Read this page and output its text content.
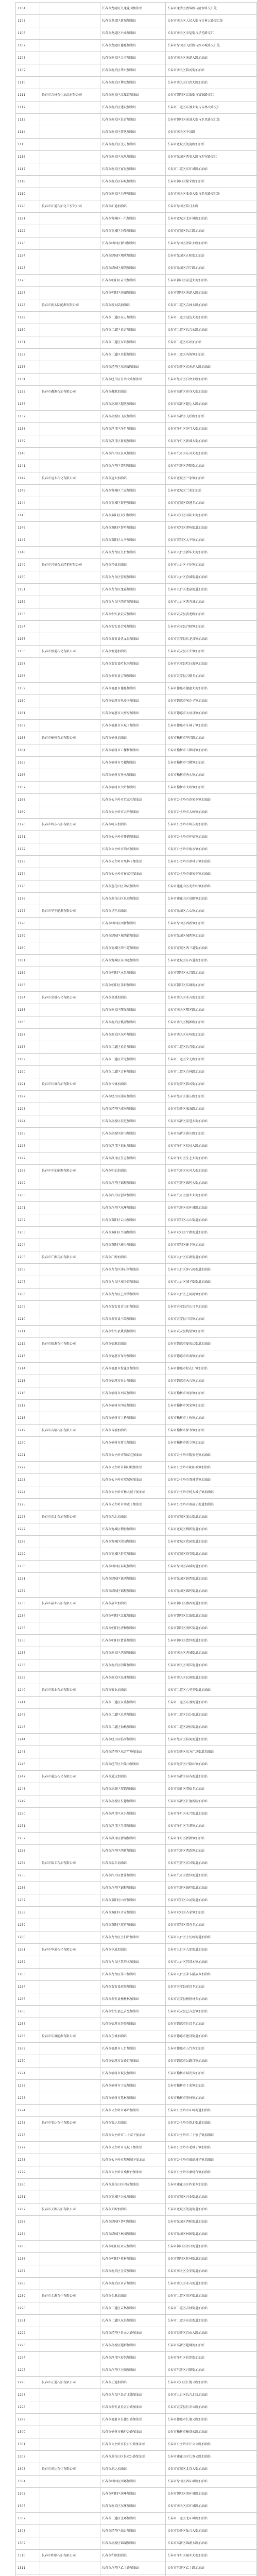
1104		长春市龙湾区九龙花园加油站	长春市龙湾区富锦路与清水路交汇处
1105		长春市龙湾区新城加油站	长春市南关区人民大街与吉林大路交汇处
1106		长春市龙湾区兴业加油站	长春市南关区幸福街与华光路交汇
1107		长春市龙湾区德惠加油站	长春市绿园区飞跃路与西环城路交汇处
1108		长春市南关区金丰加油站	长春市南关区南湖大路加油站
1109		长春市南关区华兴加油站	长春市南关区临河街加油站
1110		长春市南关区博远加油站	长春市南关区自由大路加油站
1111	长春市吉林石化油品有限公司	长春市南关区红旗街加油站	长春市朝阳区红旗街与富锦路交汇
1112		长春市南关区建设加油站	长春市二道区东盛大街与吉林大路交汇
1113		长春市南关区长青加油站	长春市朝阳区前进大街与卫星路交汇处
1114		长春市南关区宏达加油站	长春市南关区平泉路
1115		长春市南关区北方加油站	长春市宽城区凯旋路加油站
1116		长春市南关区东风加油站	长春市绿园区西安大路与迎宾路交汇
1117		长春市南关区富民加油站	长春市二道区东环城路加油站
1118		长春市南关区春城加油站	长春市朝阳区繁荣路加油站
1119		长春市南关区兴华加油站	长春市南关区亚泰大街与卫光路交汇处
1120	长春市汇通石油化工有限公司	长春市汇通加油站	长春市绿园区皓月大路
1121		长春市宽城区一汽加油站	长春市宽城区北环城路加油站
1122		长春市宽城区兴隆加油站	长春市宽城区长江路加油站
1123		长春市绿园区新园加油站	长春市绿园区景阳大路加油站
1124		长春市绿园区翔达加油站	长春市绿园区正阳街加油站
1125		长春市绿园区城西加油站	长春市绿园区青年路加油站
1126		长春市朝阳区吉大加油站	长春市朝阳区前进大街加油站
1127		长春市朝阳区南湖加油站	长春市朝阳区南湖大路加油站
1128	长春市新大陆能源有限公司	长春市新大陆加油站	长春市二道区吉林大路加油站
1129		长春市二道区东方加油站	长春市二道区远达大街加油站
1130		长春市二道区长吉加油站	长春市二道区长吉公路加油站
1131		长春市二道区东站加油站	长春市二道区东站加油站
1132		长春市二道区英俊加油站	长春市二道区英俊镇加油站
1133		长春市经开区东南湖加油站	长春市经开区东南湖大路加油站
1134		长春市经开区自由大路加油站	长春市经开区自由大路加油站
1135	长春市鑫源石油有限公司	长春市鑫源加油站	长春市高新区硅谷大街加油站
1136		长春市高新区超达加油站	长春市高新区超达大路加油站
1137		长春市高新区飞跃加油站	长春市高新区飞跃路加油站
1138		长春市净月区净月加油站	长春市净月区净月大街加油站
1139		长春市净月区新城加油站	长春市净月区新城大街加油站
1140		长春市汽开区东风加油站	长春市汽开区东风大街加油站
1141		长春市汽开区普阳加油站	长春市汽开区普阳街加油站
1142	长春市远大石化有限公司	长春市远大加油站	长春市宽城区兰家镇加油站
1143		长春市宽城区兰家加油站	长春市宽城区兰家加油站
1144		长春市宽城区奋进加油站	长春市宽城区奋进乡加油站
1145		长春市双阳区双阳加油站	长春市双阳区双阳大街加油站
1146		长春市双阳区奢岭加油站	长春市双阳区奢岭街道加油站
1147		长春市双阳区太平加油站	长春市双阳区太平镇加油站
1148		长春市九台区九台加油站	长春市九台区新华大街加油站
1149	长春市兴盛石油经销有限公司	长春市兴盛加油站	长春市九台区卡伦镇加油站
1150		长春市九台区营城加油站	长春市九台区营城街道加油站
1151		长春市九台区龙嘉加油站	长春市九台区龙嘉街道加油站
1152		长春市九台区西营城加油站	长春市九台区西营城加油站
1153		长春市农安县农安加油站	长春市农安县黄龙路加油站
1154		长春市农安县合隆加油站	长春市农安县合隆镇加油站
1155		长春市农安县伏龙泉加油站	长春市农安县伏龙泉镇加油站
1156	长春市恒通石化有限公司	长春市恒通加油站	长春市农安县开安镇加油站
1157		长春市农安县哈拉海加油站	长春市农安县哈拉海镇加油站
1158		长春市农安县万顺加油站	长春市农安县万顺乡加油站
1159		长春市德惠市德惠加油站	长春市德惠市德惠大街加油站
1160		长春市德惠市米沙子加油站	长春市德惠市米沙子镇加油站
1161		长春市德惠市大房身加油站	长春市德惠市大房身镇加油站
1162		长春市德惠市朱城子加油站	长春市德惠市朱城子镇加油站
1163	长春市榆树石油有限公司	长春市榆树加油站	长春市榆树市华昌路加油站
1164		长春市榆树市五棵树加油站	长春市榆树市五棵树镇加油站
1165		长春市榆树市弓棚加油站	长春市榆树市弓棚镇加油站
1166		长春市榆树市秀水加油站	长春市榆树市秀水镇加油站
1167		长春市榆树市大岭加油站	长春市榆树市大岭镇加油站
1168		长春市公主岭市范家屯加油站	长春市公主岭市范家屯镇加油站
1169		长春市公主岭市大岭加油站	长春市公主岭市大岭镇加油站
1170	长春市岭东石油有限公司	长春市岭东加油站	长春市公主岭市岭东街加油站
1171		长春市公主岭市怀德加油站	长春市公主岭市怀德镇加油站
1172		长春市公主岭市响水加油站	长春市公主岭市响水镇加油站
1173		长春市公主岭市黑林子加油站	长春市公主岭市黑林子镇加油站
1174		长春市公主岭市秦家屯加油站	长春市公主岭市秦家屯镇加油站
1175		长春市莲花山区劝农加油站	长春市莲花山区劝农山镇加油站
1176		长春市莲花山区泉眼加油站	长春市莲花山区泉眼镇加油站
1177	长春市华宇能源有限公司	长春市华宇加油站	长春市绿园区合心镇加油站
1178		长春市绿园区西新加油站	长春市绿园区西新镇加油站
1179		长春市绿园区城西镇加油站	长春市绿园区城西镇加油站
1180		长春市宽城区西三道加油站	长春市宽城区西三道街加油站
1181		长春市宽城区东四道加油站	长春市宽城区东四道街加油站
1182		长春市朝阳区永昌加油站	长春市朝阳区永昌路加油站
1183		长春市朝阳区乐群加油站	长春市朝阳区乐群街加油站
1184	长春市金盛石化有限公司	长春市金盛加油站	长春市南关区永吉街加油站
1185		长春市南关区曙光加油站	长春市南关区曙光路加油站
1186		长春市南关区桃源加油站	长春市南关区桃源路加油站
1187		长春市南关区东岭加油站	长春市南关区东岭街加油站
1188		长春市二道区长青加油站	长春市二道区长青街加油站
1189		长春市二道区荣光加油站	长春市二道区荣光路加油站
1190		长春市二道区吉林加油站	长春市二道区吉林路加油站
1191	长春市长盛石油有限公司	长春市长盛加油站	长春市经开区临河街加油站
1192		长春市经开区浦东加油站	长春市经开区浦东路加油站
1193		长春市经开区威海加油站	长春市经开区威海路加油站
1194		长春市高新区前进加油站	长春市高新区前进大街加油站
1195		长春市高新区蔚山加油站	长春市高新区蔚山路加油站
1196		长春市净月区福祉加油站	长春市净月区福祉大路加油站
1197		长春市净月区生态加油站	长春市净月区生态大街加油站
1198	长春市中油能源有限公司	长春市中油加油站	长春市汽开区东风大街加油站
1199		长春市汽开区锦程加油站	长春市汽开区锦程大街加油站
1200		长春市汽开区创业加油站	长春市汽开区创业大街加油站
1201		长春市汽开区东环加油站	长春市汽开区东环城路加油站
1202		长春市双阳区云山加油站	长春市双阳区云山街道加油站
1203		长春市双阳区平湖加油站	长春市双阳区平湖街道加油站
1204		长春市双阳区鹿乡加油站	长春市双阳区鹿乡镇加油站
1205	长春市广源石油有限公司	长春市广源加油站	长春市九台区东湖街道加油站
1206		长春市九台区沐石河加油站	长春市九台区沐石河街道加油站
1207		长春市九台区城子街加油站	长春市九台区城子街街道加油站
1208		长春市九台区上河湾加油站	长春市九台区上河湾镇加油站
1209		长春市农安县青山口加油站	长春市农安县青山口乡加油站
1210		长春市农安县三岗加油站	长春市农安县三岗镇加油站
1211		长春市农安县烧锅加油站	长春市农安县烧锅镇加油站
1212	长春市德源石化有限公司	长春市德源加油站	长春市德惠市夏家店街道加油站
1213		长春市德惠市布海加油站	长春市德惠市布海镇加油站
1214		长春市德惠市松花江加油站	长春市德惠市松花江镇加油站
1215		长春市德惠市天台加油站	长春市德惠市天台镇加油站
1216		长春市榆树市刘家加油站	长春市榆树市刘家镇加油站
1217		长春市榆树市闵家加油站	长春市榆树市闵家镇加油站
1218		长春市榆树市土桥加油站	长春市榆树市土桥镇加油站
1219	长春市吉榆石油有限公司	长春市吉榆加油站	长春市榆树市保寿镇加油站
1220		长春市榆树市新立加油站	长春市榆树市新立镇加油站
1221		长春市公主岭市陶家屯加油站	长春市公主岭市陶家屯镇加油站
1222		长春市公主岭市朝阳坡加油站	长春市公主岭市朝阳坡镇加油站
1223		长春市公主岭市双城堡加油站	长春市公主岭市双城堡镇加油站
1224		长春市公主岭市杨大城子加油站	长春市公主岭市杨大城子镇加油站
1225		长春市公主岭市南崴子加油站	长春市公主岭市南崴子街道加油站
1226	长春市东北石油有限公司	长春市东北加油站	长春市宽城区团山街道加油站
1227		长春市宽城区柳影加油站	长春市宽城区柳影街道加油站
1228		长春市宽城区欣园加油站	长春市宽城区欣园街道加油站
1229		长春市宽城区群英加油站	长春市宽城区群英街道加油站
1230		长春市绿园区春城加油站	长春市绿园区春城街道加油站
1231		长春市绿园区铁西加油站	长春市绿园区铁西街道加油站
1232		长春市绿园区锦程加油站	长春市绿园区锦程街道加油站
1233	长春市嘉业石油有限公司	长春市嘉业加油站	长春市朝阳区湖西街道加油站
1234		长春市朝阳区红旗加油站	长春市朝阳区红旗街道加油站
1235		长春市朝阳区清和加油站	长春市朝阳区清和街道加油站
1236		长春市朝阳区富锋加油站	长春市朝阳区富锋街道加油站
1237		长春市南关区鸿城加油站	长春市南关区鸿城街道加油站
1238		长春市南关区明珠加油站	长春市南关区明珠街道加油站
1239		长春市南关区民康加油站	长春市南关区民康街道加油站
1240	长春市宏业石油有限公司	长春市宏业加油站	长春市二道区八里堡街道加油站
1241		长春市二道区东盛加油站	长春市二道区东盛街道加油站
1242		长春市二道区远达加油站	长春市二道区远达街道加油站
1243		长春市二道区劲松加油站	长春市二道区劲松街道加油站
1244		长春市经开区临河加油站	长春市经开区临河街道加油站
1245		长春市经开区东方广场加油站	长春市经开区东方广场街道加油站
1246		长春市经开区兴隆山加油站	长春市经开区兴隆山镇加油站
1247	长春市通达石化有限公司	长春市通达加油站	长春市高新区硅谷街道加油站
1248		长春市高新区双德加油站	长春市高新区双德乡加油站
1249		长春市高新区长德加油站	长春市高新区长德新区加油站
1250		长春市净月区永兴加油站	长春市净月区永兴街道加油站
1251		长春市净月区玉潭加油站	长春市净月区玉潭镇加油站
1252		长春市净月区新湖加油站	长春市净月区新湖镇加油站
1253		长春市汽开区西新加油站	长春市汽开区西新镇加油站
1254	长春市瑞丰石油有限公司	长春市瑞丰加油站	长春市汽开区东风街道加油站
1255		长春市汽开区富锋加油站	长春市汽开区富锋街道加油站
1256		长春市汽开区锦程加油站	长春市汽开区锦程街道加油站
1257		长春市双阳区山河加油站	长春市双阳区山河街道加油站
1258		长春市双阳区齐家加油站	长春市双阳区齐家镇加油站
1259		长春市双阳区双营加油站	长春市双阳区双营乡加油站
1260		长春市九台区土们岭加油站	长春市九台区土们岭街道加油站
1261	长春市华通石化有限公司	长春市华通加油站	长春市九台区九郊街道加油站
1262		长春市九台区其塔木加油站	长春市九台区其塔木镇加油站
1263		长春市九台区莽卡加油站	长春市九台区莽卡满族乡加油站
1264		长春市农安县前岗加油站	长春市农安县前岗乡加油站
1265		长春市农安县杨树林加油站	长春市农安县杨树林乡加油站
1266		长春市农安县巴吉垒加油站	长春市农安县巴吉垒镇加油站
1267		长春市德惠市边岗加油站	长春市德惠市边岗乡加油站
1268	长春市东盛能源有限公司	长春市东盛加油站	长春市德惠市建设街道加油站
1269		长春市德惠市五台加油站	长春市德惠市五台乡加油站
1270		长春市德惠市岔路口加油站	长春市德惠市岔路口镇加油站
1271		长春市榆树市城发加油站	长春市榆树市城发乡加油站
1272		长春市榆树市于家加油站	长春市榆树市于家镇加油站
1273		长春市榆树市黑林加油站	长春市榆树市黑林镇加油站
1274		长春市公主岭市环岭加油站	长春市公主岭市环岭街道加油站
1275	长春市安达石化有限公司	长春市安达加油站	长春市公主岭市铁北街道加油站
1276		长春市公主岭市二十家子加油站	长春市公主岭市二十家子镇加油站
1277		长春市公主岭市毛城子加油站	长春市公主岭市毛城子镇加油站
1278		长春市公主岭市玻璃城子加油站	长春市公主岭市玻璃城子镇加油站
1279		长春市公主岭市桑树台加油站	长春市公主岭市桑树台镇加油站
1280		长春市莲花山区四家加油站	长春市莲花山区四家乡加油站
1281		长春市宽城区兴业加油站	长春市宽城区兴业街道加油站
1282	长春市天源石油有限公司	长春市天源加油站	长春市宽城区凯旋街道加油站
1283		长春市绿园区普阳加油站	长春市绿园区普阳街道加油站
1284		长春市绿园区林园加油站	长春市绿园区林园街道加油站
1285		长春市朝阳区永安加油站	长春市朝阳区永昌街道加油站
1286		长春市朝阳区桂林加油站	长春市朝阳区桂林街道加油站
1287		长春市南关区全安加油站	长春市南关区全安街道加油站
1288		长春市南关区永吉加油站	长春市南关区永吉街道加油站
1289	长春市金源石化有限公司	长春市金源加油站	长春市二道区荣光街道加油站
1290		长春市二道区吉林加油站	长春市二道区吉林街道加油站
1291		长春市二道区东站加油站	长春市二道区东站街道加油站
1292		长春市经开区自由大路加油站	长春市经开区自由大路加油站
1293		长春市高新区超群加油站	长春市高新区超群街加油站
1294		长春市净月区彩织加油站	长春市净月区彩织街加油站
1295		长春市汽开区兴顺加油站	长春市汽开区兴顺街加油站
1296	长春市正通石油有限公司	长春市正通加油站	长春市双阳区长清公路加油站
1297		长春市九台区长吉北线加油站	长春市九台区长吉北线加油站
1298		长春市农安县长农公路加油站	长春市农安县长农公路加油站
1299		长春市德惠市长德公路加油站	长春市德惠市长德公路加油站
1300		长春市榆树市榆舒公路加油站	长春市榆树市榆舒公路加油站
1301		长春市公主岭市长公公路加油站	长春市公主岭市长公公路加油站
1302		长春市莲花山区长双公路加油站	长春市莲花山区长双公路加油站
1303	长春市润达石化有限公司	长春市润达加油站	长春市宽城区北京大街加油站
1304		长春市绿园区西环加油站	长春市绿园区西环城路加油站
1305		长春市朝阳区南环加油站	长春市朝阳区南环城路加油站
1306		长春市南关区东环加油站	长春市南关区东环城路加油站
1307		长春市二道区北环加油站	长春市二道区北环城路加油站
1308		长春市经开区仙台加油站	长春市经开区仙台大街加油站
1309		长春市高新区锦湖加油站	长春市高新区锦湖大路加油站
1310	长春市和顺石油有限公司	长春市和顺加油站	长春市净月区聚业大街加油站
1311		长春市汽开区乙十路加油站	长春市汽开区乙十路加油站
